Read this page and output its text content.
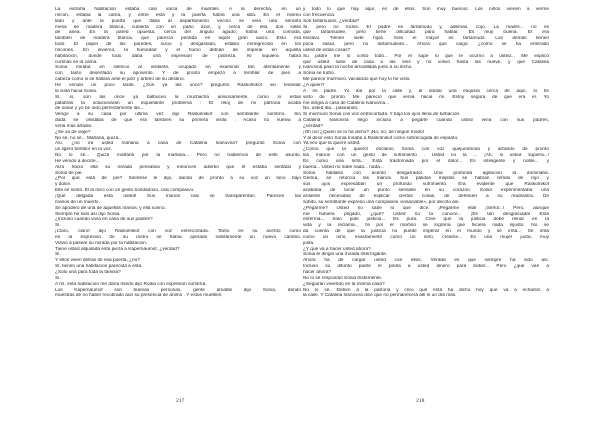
La extraña habitación estaba casi vacía de muebles. A la derecha, en un
rincón, estaba la cama, y entre ésta y la puerta había una silla. En el mismo
lado y ante la puerta que daba al departamento vecino se veía una sencilla
mesa de madera blanca, cubierta con un paño azul, y, cerca de ella, dos sillas
de anea. En la pared opuesta, cerca del ángulo agudo, había una cómoda,
también de madera blanca, que parecía perdida en aquel gran vacío. Esto era
todo. El papel de las paredes, sucio y desgastado, estaba ennegrecido en los
rincones. En invierno, la humedad y el humo debían de imperar en aquella
habitación, donde todo daba una impresión de pobreza. Ni siquiera había
cortinas en la cama.
Sonia miraba en silencio al visitante, ocupado en examinar tan atentamente y
con tanto desenfado su aposento. Y de pronto empezó a temblar de pies a
cabeza como si se hallara ante el juez y árbitro de su destino.
He venido un poco tarde. ¿Son ya las once? preguntó Raskolnikof sin levantar
la vista hacia Sonia.
Sí, sí, son las once ya balbuceó la muchacha ansiosamente, como si estas
palabras la solucionaran un inquietante problema : El reloj de mi patrona acaba
de sonar y yo he oído perfectamente las...
Vengo a su casa por última vez dijo Raskolnikof con semblante sombrío. Sin
duda se olvidaba de que era también su primera visita . Acaso no vuelva a
verla más añadió.
¿Se va de viaje?
No sé, no sé... Mañana, quizá...
Así, ¿no irá usted mañana a casa de Catalina Ivanovna? preguntó Sonia con
un ligero temblor en la voz.
No lo sé... Quizá mañana por la mañana... Pero no hablemos de este asunto.
He venido a decirle...
Alzó hacia ella su mirada pensativa y entonces advirtió que él estaba sentado y
Sonia de pie.
¿Por qué está de pie? Siéntese le dijo, dando de pronto a su voz un tono bajo
y dulce.
Ella se sentó. Él la miró con un gesto bondadoso, casi compasivo.
¡Qué delgada está usted! Sus manos casi se transparentan. Parecen las
manos de un muerto.
Se apoderó de una de aquellas manos, y ella sonrió.
Siempre he sido así dijo Sonia.
¿Incluso cuando vivía en casa de sus padres?
Sí.
¡Claro, claro! dijo Raskolnikof con voz entrecortada. Tanto en su acento como
en la expresión de su rostro se había operado súbitamente un nuevo cambio.
Volvió a pasear su mirada por la habitación.
Tiene usted alquilada esta pieza a Kapernaumof, ¿verdad?
Sí.
Y ellos viven detrás de esa puerta, ¿no?
Sí, tienen una habitación parecida a ésta.
¿Sólo una para toda la familia?
Sí.
A mí, esta habitación me daría miedo dijo Rodia con expresión sombría.
Los Kapernaumof son buenas personas, gente amable dijo Sonia, dando
muestras de no haber recobrado aún su presencia de ánimo . Y estos muebles,
y todo lo que hay aquí, es de ellos. Son muy buenos. Los niños vienen a verme
con frecuencia.
Son tartamudos, ¿verdad?
Sí, pero no todos. El padre es tartamudo y, además, cojo. La madre... no es
que tartamudee, pero tiene dificultad para hablar. Es muy buena. Él era
esclavo. Tienen siete hijos. Sólo el mayor es tartamudo. Los demás tienen
poca salud, pero no tartamudean... Ahora que caigo: ¿cómo se ha enterado
usted de estas cosas?
Su padre me lo contó todo... Por él supe lo que le ocurrió a usted... Me explicó
que usted salió de casa a las seis y no volvió hasta las nueve, y que Catalina
Ivanovna pasó la noche arrodillada junto a su lecho.
Sonia se turbó.
Me parece murmuró, vacilando que hoy lo he visto.
¿A quién?
A mi padre. Yo iba por la calle y, al doblar una esquina cerca de aquí, lo he
visto de pronto. Me pareció que venía hacia mí. Estoy segura de que era él. Yo
me dirigía a casa de Catalina Ivanovna...
No, usted iba... paseando.
Sí murmuró Sonia con voz entrecortada. Y bajó los ojos llena de turbación.
Catalina Ivanovna llegó incluso a pegarle cuando usted vivía con sus padres,
¿verdad?
¡Oh no! ¿Quién se lo ha dicho? ¡No, no; de ningún modo!
Y al decir esto Sonia miraba a Raskolnikof como sobrecogida de espanto.
Ya veo que la quiere usted.
¿Cómo que la quiero! exclamó Sonia con voz quejumbrosa y alzando de pronto
las manos con un gesto de sufrimiento . Usted no la ... ¡Ah, si usted supiera...!
Es como una niña... Está trastornada por el dolor... Es inteligente y noble... y
buena... Usted no sabe nada... nada...
Sonia hablaba con acento desgarrador. Una profunda agitación la dominaba.
Gemía, se retorcía las manos. Sus pálidas mejillas se habían teñido de rojo y
sus ojos expresaban un profundo sufrimiento. Era evidente que Raskolnikof
acababa de tocar un punto sensible en su corazón. Sonia experimentaba una
ardiente necesidad de explicar ciertas cosas, de defender a su madrastra. De
súbito, su semblante expresó una compasión «insaciable», por decirlo así.
¿Pegarme? Usted no sabe lo que dice. ¡Pegarme ella! ¡Señor...! Pero, aunque
me hubiera pegado, ¿qué? Usted no la conoce... ¡Es tan desgraciada! Está
enferma... Sólo pide justicia... Es pura. Cree que la justicia debe reinar en la
vida y la reclama... Ni por el martirio se lograría que hiciera nada injusto. No se
da cuenta de que la justicia no puede imperar en el mundo y se irrita... Se irrita
como un niño, exactamente como un niño, créame... Es una mujer justa, muy
justa.
¿Y qué va a hacer usted ahora?
Sonia le dirigió una mirada interrogante.
Ahora ha de cargar usted con ellos. Verdad es que siempre ha sido así.
Incluso su difunto padre le pedía a usted dinero para beber... Pero ¿qué van a
hacer ahora?
No lo sé respondió Sonia tristemente.
¿Seguirán viviendo en la misma casa?
No lo sé. Deben a la patrona y creo que ésta ha dicho hoy que va a echarlos a
la calle. Y Catalina Ivanovna dice que no permanecerá allí ni un día más.
217	218
